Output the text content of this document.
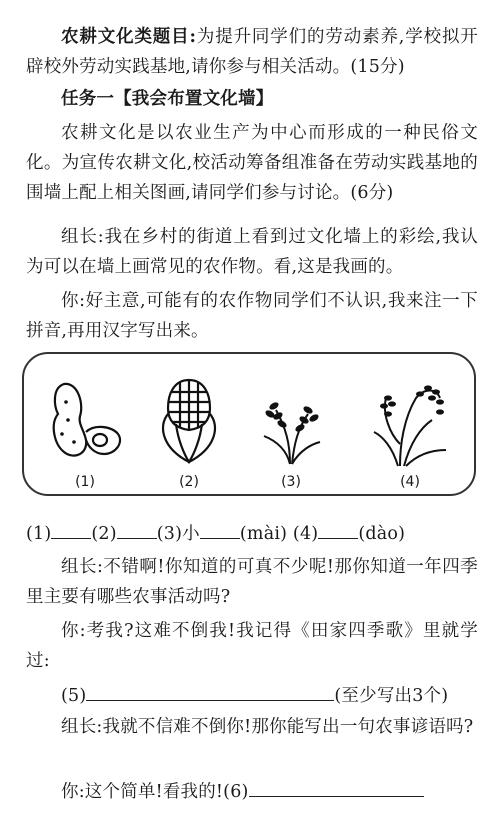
农耕文化类题目:为提升同学们的劳动素养,学校拟开辟校外劳动实践基地,请你参与相关活动。(15分)

任务一【我会布置文化墙】

农耕文化是以农业生产为中心而形成的一种民俗文化。为宣传农耕文化,校活动筹备组准备在劳动实践基地的围墙上配上相关图画,请同学们参与讨论。(6分)

组长:我在乡村的街道上看到过文化墙上的彩绘,我认为可以在墙上画常见的农作物。看,这是我画的。

你:好主意,可能有的农作物同学们不认识,我来注一下拼音,再用汉字写出来。

(1)	(2)	(3)	(4)

(1) (2) (3)小 (mài) (4) (dào)

组长:不错啊!你知道的可真不少呢!那你知道一年四季里主要有哪些农事活动吗?

你:考我?这难不倒我!我记得《田家四季歌》里就学过:

(5)	(至少写出3个)

组长:我就不信难不倒你!那你能写出一句农事谚语吗?

你:这个简单!看我的!(6)
